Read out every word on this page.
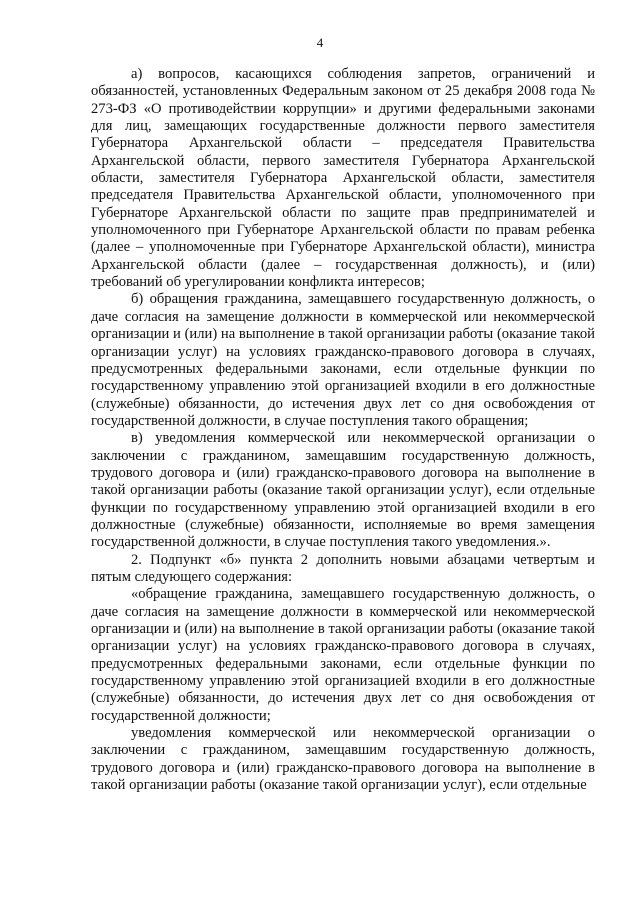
4

а) вопросов, касающихся соблюдения запретов, ограничений и обязанностей, установленных Федеральным законом от 25 декабря 2008 года № 273-ФЗ «О противодействии коррупции» и другими федеральными законами для лиц, замещающих государственные должности первого заместителя Губернатора Архангельской области – председателя Правительства Архангельской области, первого заместителя Губернатора Архангельской области, заместителя Губернатора Архангельской области, заместителя председателя Правительства Архангельской области, уполномоченного при Губернаторе Архангельской области по защите прав предпринимателей и уполномоченного при Губернаторе Архангельской области по правам ребенка (далее – уполномоченные при Губернаторе Архангельской области), министра Архангельской области (далее – государственная должность), и (или) требований об урегулировании конфликта интересов;

б) обращения гражданина, замещавшего государственную должность, о даче согласия на замещение должности в коммерческой или некоммерческой организации и (или) на выполнение в такой организации работы (оказание такой организации услуг) на условиях гражданско-правового договора в случаях, предусмотренных федеральными законами, если отдельные функции по государственному управлению этой организацией входили в его должностные (служебные) обязанности, до истечения двух лет со дня освобождения от государственной должности, в случае поступления такого обращения;

в) уведомления коммерческой или некоммерческой организации о заключении с гражданином, замещавшим государственную должность, трудового договора и (или) гражданско-правового договора на выполнение в такой организации работы (оказание такой организации услуг), если отдельные функции по государственному управлению этой организацией входили в его должностные (служебные) обязанности, исполняемые во время замещения государственной должности, в случае поступления такого уведомления.».

2. Подпункт «б» пункта 2 дополнить новыми абзацами четвертым и пятым следующего содержания:

«обращение гражданина, замещавшего государственную должность, о даче согласия на замещение должности в коммерческой или некоммерческой организации и (или) на выполнение в такой организации работы (оказание такой организации услуг) на условиях гражданско-правового договора в случаях, предусмотренных федеральными законами, если отдельные функции по государственному управлению этой организацией входили в его должностные (служебные) обязанности, до истечения двух лет со дня освобождения от государственной должности;

уведомления коммерческой или некоммерческой организации о заключении с гражданином, замещавшим государственную должность, трудового договора и (или) гражданско-правового договора на выполнение в такой организации работы (оказание такой организации услуг), если отдельные
